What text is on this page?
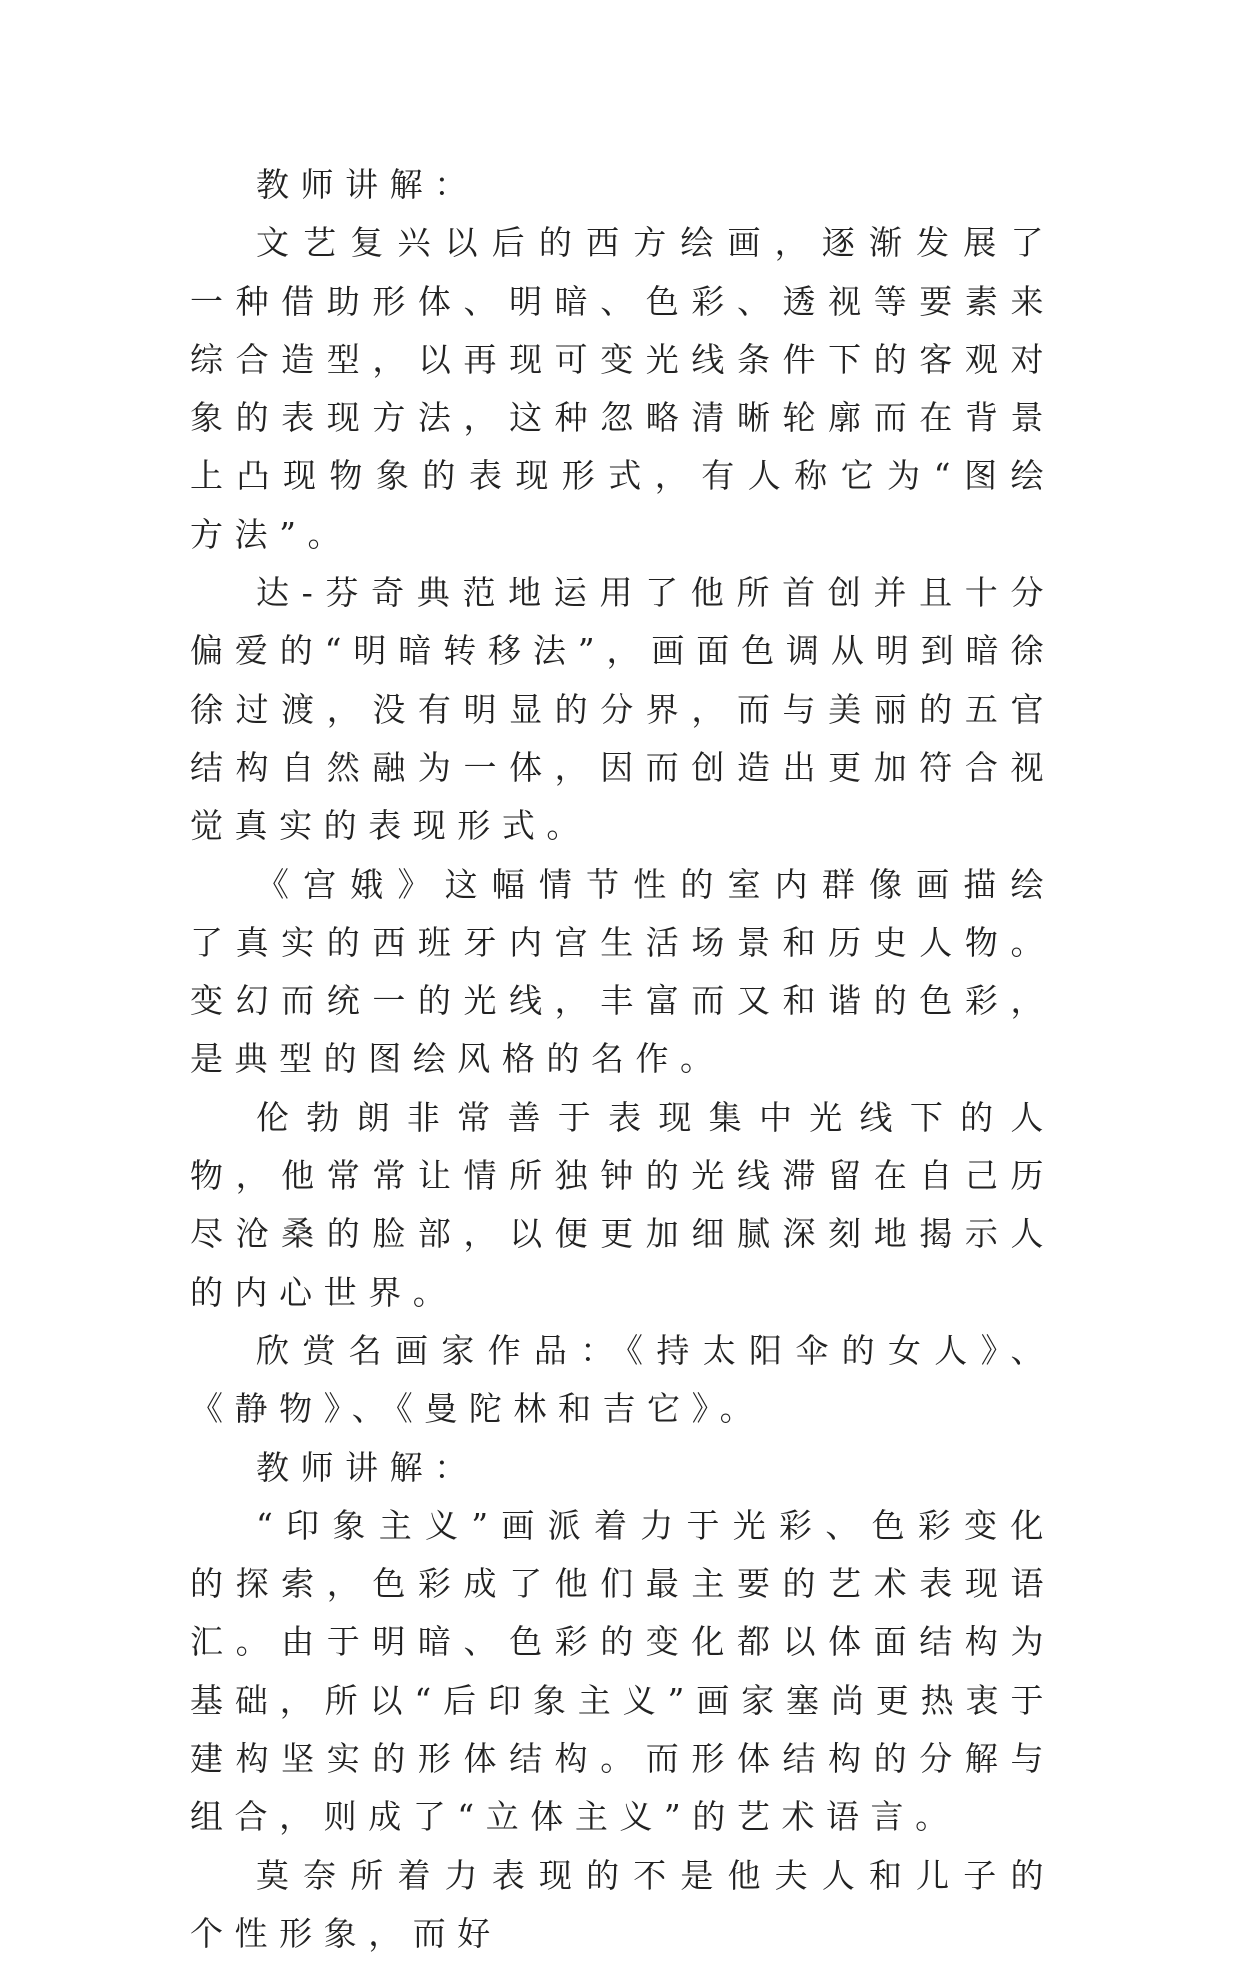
教师讲解：

文艺复兴以后的西方绘画，逐渐发展了一种借助形体、明暗、色彩、透视等要素来综合造型，以再现可变光线条件下的客观对象的表现方法，这种忽略清晰轮廓而在背景上凸现物象的表现形式，有人称它为“图绘方法”。

达-芬奇典范地运用了他所首创并且十分偏爱的“明暗转移法”，画面色调从明到暗徐徐过渡，没有明显的分界，而与美丽的五官结构自然融为一体，因而创造出更加符合视觉真实的表现形式。

《宫娥》这幅情节性的室内群像画描绘了真实的西班牙内宫生活场景和历史人物。变幻而统一的光线，丰富而又和谐的色彩，是典型的图绘风格的名作。

伦勃朗非常善于表现集中光线下的人物，他常常让情所独钟的光线滞留在自己历尽沧桑的脸部，以便更加细腻深刻地揭示人的内心世界。

欣赏名画家作品：《持太阳伞的女人》、《静物》、《曼陀林和吉它》。

教师讲解：

“印象主义”画派着力于光彩、色彩变化的探索，色彩成了他们最主要的艺术表现语汇。由于明暗、色彩的变化都以体面结构为基础，所以“后印象主义”画家塞尚更热衷于建构坚实的形体结构。而形体结构的分解与组合，则成了“立体主义”的艺术语言。

莫奈所着力表现的不是他夫人和儿子的个性形象，而好
